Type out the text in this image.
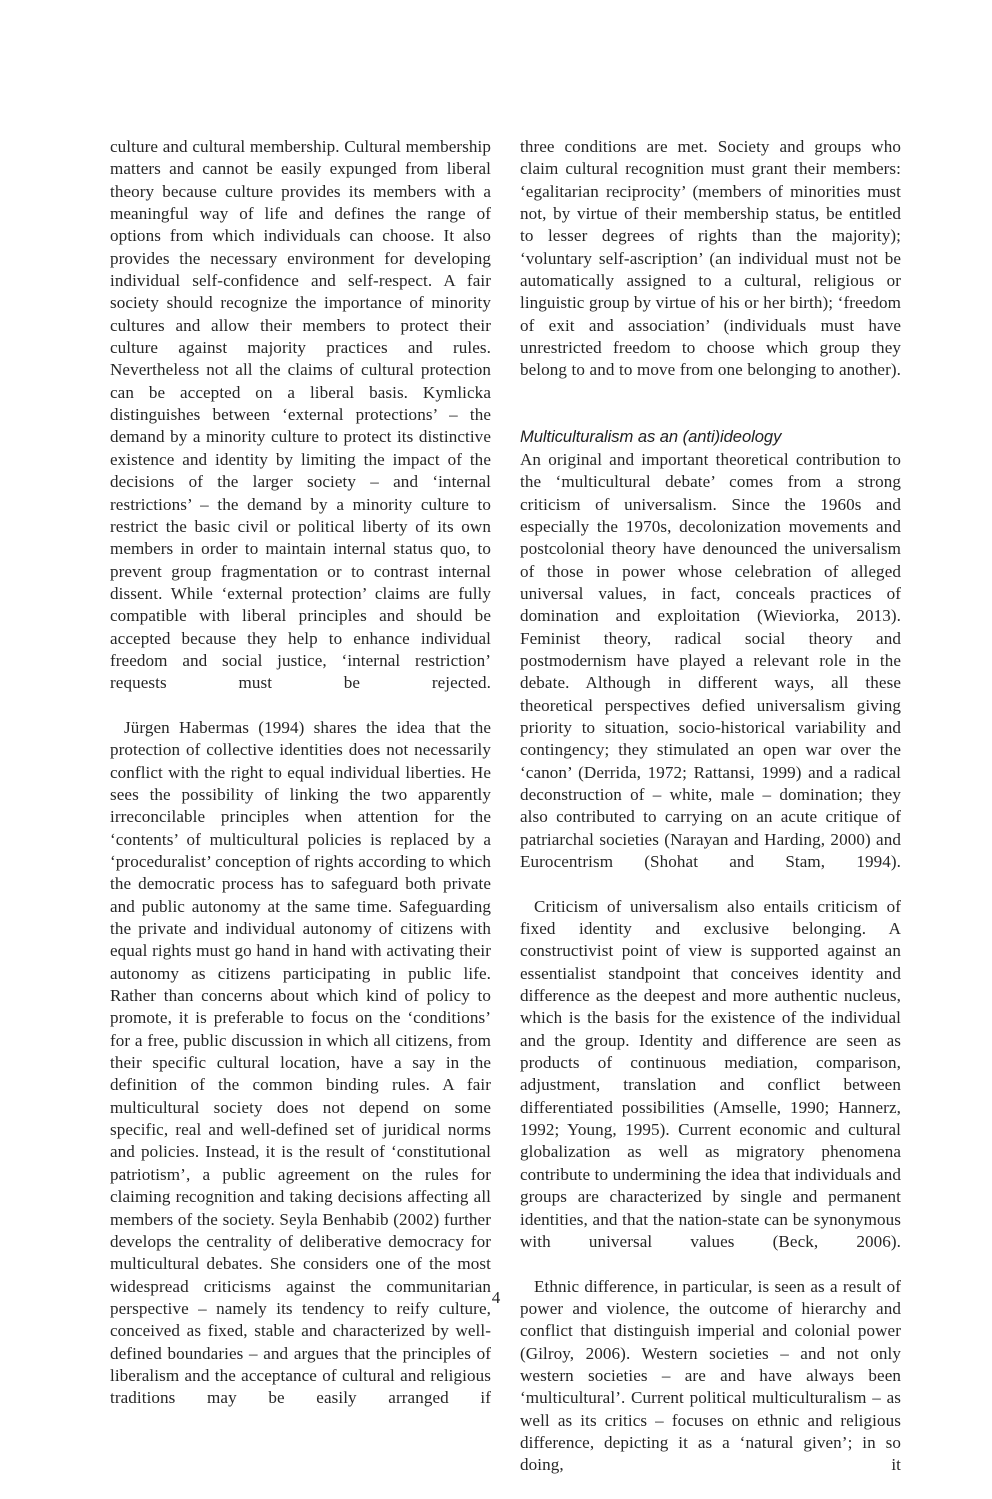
culture and cultural membership. Cultural membership matters and cannot be easily expunged from liberal theory because culture provides its members with a meaningful way of life and defines the range of options from which individuals can choose. It also provides the necessary environment for developing individual self-confidence and self-respect. A fair society should recognize the importance of minority cultures and allow their members to protect their culture against majority practices and rules. Nevertheless not all the claims of cultural protection can be accepted on a liberal basis. Kymlicka distinguishes between ‘external protections’ – the demand by a minority culture to protect its distinctive existence and identity by limiting the impact of the decisions of the larger society – and ‘internal restrictions’ – the demand by a minority culture to restrict the basic civil or political liberty of its own members in order to maintain internal status quo, to prevent group fragmentation or to contrast internal dissent. While ‘external protection’ claims are fully compatible with liberal principles and should be accepted because they help to enhance individual freedom and social justice, ‘internal restriction’ requests must be rejected.

Jürgen Habermas (1994) shares the idea that the protection of collective identities does not necessarily conflict with the right to equal individual liberties. He sees the possibility of linking the two apparently irreconcilable principles when attention for the ‘contents’ of multicultural policies is replaced by a ‘proceduralist’ conception of rights according to which the democratic process has to safeguard both private and public autonomy at the same time. Safeguarding the private and individual autonomy of citizens with equal rights must go hand in hand with activating their autonomy as citizens participating in public life. Rather than concerns about which kind of policy to promote, it is preferable to focus on the ‘conditions’ for a free, public discussion in which all citizens, from their specific cultural location, have a say in the definition of the common binding rules. A fair multicultural society does not depend on some specific, real and well-defined set of juridical norms and policies. Instead, it is the result of ‘constitutional patriotism’, a public agreement on the rules for claiming recognition and taking decisions affecting all members of the society. Seyla Benhabib (2002) further develops the centrality of deliberative democracy for multicultural debates. She considers one of the most widespread criticisms against the communitarian perspective – namely its tendency to reify culture, conceived as fixed, stable and characterized by well-defined boundaries – and argues that the principles of liberalism and the acceptance of cultural and religious traditions may be easily arranged if

three conditions are met. Society and groups who claim cultural recognition must grant their members: ‘egalitarian reciprocity’ (members of minorities must not, by virtue of their membership status, be entitled to lesser degrees of rights than the majority); ‘voluntary self-ascription’ (an individual must not be automatically assigned to a cultural, religious or linguistic group by virtue of his or her birth); ‘freedom of exit and association’ (individuals must have unrestricted freedom to choose which group they belong to and to move from one belonging to another).

Multiculturalism as an (anti)ideology

An original and important theoretical contribution to the ‘multicultural debate’ comes from a strong criticism of universalism. Since the 1960s and especially the 1970s, decolonization movements and postcolonial theory have denounced the universalism of those in power whose celebration of alleged universal values, in fact, conceals practices of domination and exploitation (Wieviorka, 2013). Feminist theory, radical social theory and postmodernism have played a relevant role in the debate. Although in different ways, all these theoretical perspectives defied universalism giving priority to situation, socio-historical variability and contingency; they stimulated an open war over the ‘canon’ (Derrida, 1972; Rattansi, 1999) and a radical deconstruction of – white, male – domination; they also contributed to carrying on an acute critique of patriarchal societies (Narayan and Harding, 2000) and Eurocentrism (Shohat and Stam, 1994).

Criticism of universalism also entails criticism of fixed identity and exclusive belonging. A constructivist point of view is supported against an essentialist standpoint that conceives identity and difference as the deepest and more authentic nucleus, which is the basis for the existence of the individual and the group. Identity and difference are seen as products of continuous mediation, comparison, adjustment, translation and conflict between differentiated possibilities (Amselle, 1990; Hannerz, 1992; Young, 1995). Current economic and cultural globalization as well as migratory phenomena contribute to undermining the idea that individuals and groups are characterized by single and permanent identities, and that the nation-state can be synonymous with universal values (Beck, 2006).

Ethnic difference, in particular, is seen as a result of power and violence, the outcome of hierarchy and conflict that distinguish imperial and colonial power (Gilroy, 2006). Western societies – and not only western societies – are and have always been ‘multicultural’. Current political multiculturalism – as well as its critics – focuses on ethnic and religious difference, depicting it as a ‘natural given’; in so doing, it

4
